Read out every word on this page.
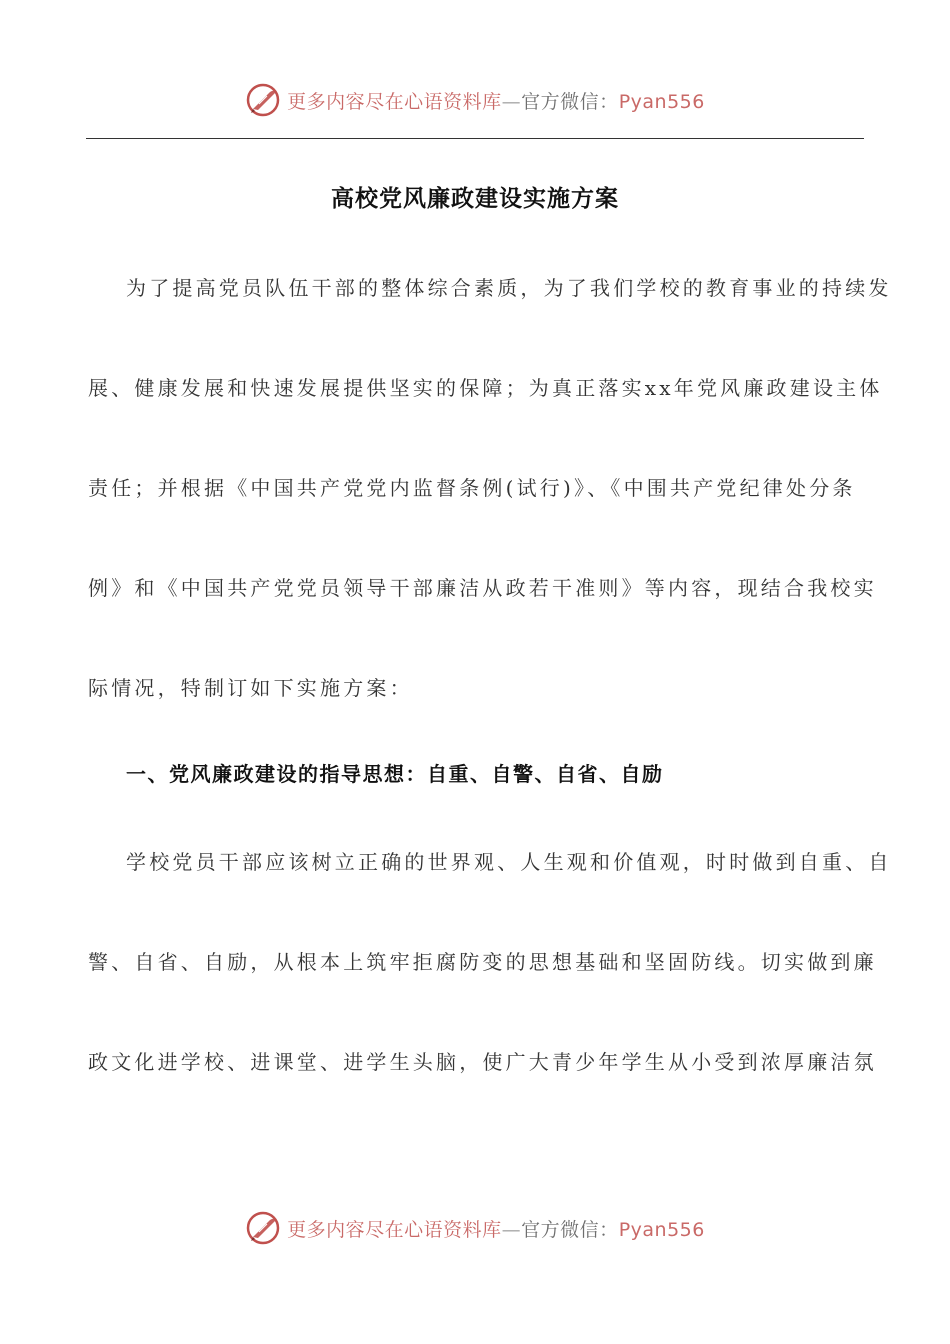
更多内容尽在心语资料库—官方微信：Pyan556
高校党风廉政建设实施方案
为了提高党员队伍干部的整体综合素质，为了我们学校的教育事业的持续发
展、健康发展和快速发展提供坚实的保障；为真正落实xx年党风廉政建设主体
责任；并根据《中国共产党党内监督条例(试行)》、《中围共产党纪律处分条
例》和《中国共产党党员领导干部廉洁从政若干准则》等内容，现结合我校实
际情况，特制订如下实施方案：
一、党风廉政建设的指导思想：自重、自警、自省、自励
学校党员干部应该树立正确的世界观、人生观和价值观，时时做到自重、自
警、自省、自励，从根本上筑牢拒腐防变的思想基础和坚固防线。切实做到廉
政文化进学校、进课堂、进学生头脑，使广大青少年学生从小受到浓厚廉洁氛
更多内容尽在心语资料库—官方微信：Pyan556
